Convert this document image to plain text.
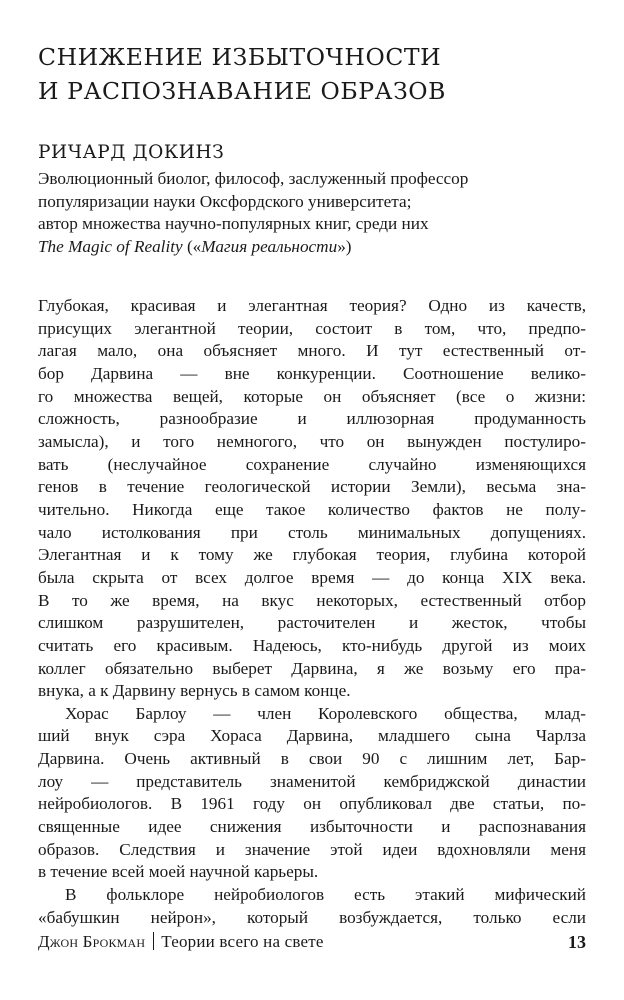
СНИЖЕНИЕ ИЗБЫТОЧНОСТИ
И РАСПОЗНАВАНИЕ ОБРАЗОВ
РИЧАРД ДОКИНЗ
Эволюционный биолог, философ, заслуженный профессор
популяризации науки Оксфордского университета;
автор множества научно-популярных книг, среди них
The Magic of Reality («Магия реальности»)
Глубокая, красивая и элегантная теория? Одно из качеств,
присущих элегантной теории, состоит в том, что, предпо-
лагая мало, она объясняет много. И тут естественный от-
бор Дарвина — вне конкуренции. Соотношение велико-
го множества вещей, которые он объясняет (все о жизни:
сложность, разнообразие и иллюзорная продуманность
замысла), и того немногого, что он вынужден постулиро-
вать (неслучайное сохранение случайно изменяющихся
генов в течение геологической истории Земли), весьма зна-
чительно. Никогда еще такое количество фактов не полу-
чало истолкования при столь минимальных допущениях.
Элегантная и к тому же глубокая теория, глубина которой
была скрыта от всех долгое время — до конца XIX века.
В то же время, на вкус некоторых, естественный отбор
слишком разрушителен, расточителен и жесток, чтобы
считать его красивым. Надеюсь, кто-нибудь другой из моих
коллег обязательно выберет Дарвина, я же возьму его пра-
внука, а к Дарвину вернусь в самом конце.
Хорас Барлоу — член Королевского общества, млад-
ший внук сэра Хораса Дарвина, младшего сына Чарлза
Дарвина. Очень активный в свои 90 с лишним лет, Бар-
лоу — представитель знаменитой кембриджской династии
нейробиологов. В 1961 году он опубликовал две статьи, по-
священные идее снижения избыточности и распознавания
образов. Следствия и значение этой идеи вдохновляли меня
в течение всей моей научной карьеры.
В фольклоре нейробиологов есть этакий мифический
«бабушкин нейрон», который возбуждается, только если
Джон Брокман Теории всего на свете	13
